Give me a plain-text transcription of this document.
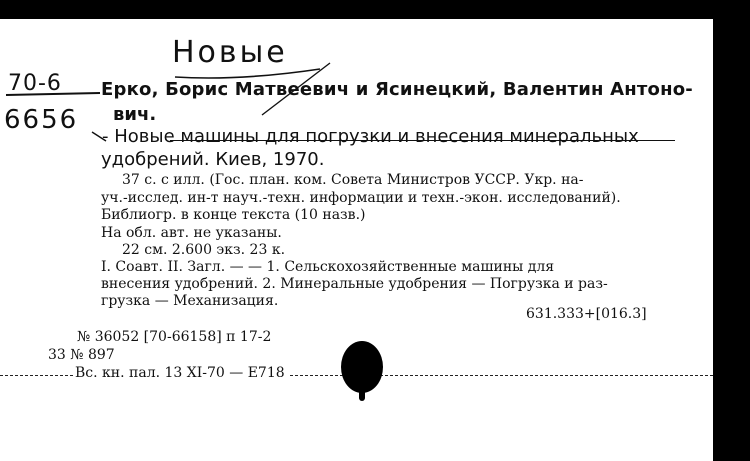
Новые
70-6
6656
Ерко, Борис Матвеевич и Ясинецкий, Валентин Антоно-
вич.
- Новые машины для погрузки и внесения минеральных
удобрений. Киев, 1970.
37 с. с илл. (Гос. план. ком. Совета Министров УССР. Укр. на-
уч.-исслед. ин-т науч.-техн. информации и техн.-экон. исследований).
Библиогр. в конце текста (10 назв.)
На обл. авт. не указаны.
22 см. 2.600 экз. 23 к.
I. Соавт. II. Загл. — — 1. Сельскохозяйственные машины для
внесения удобрений. 2. Минеральные удобрения — Погрузка и раз-
грузка — Механизация.
631.333+[016.3]
№ 36052 [70-66158] п 17-2
33 № 897
Вс. кн. пал. 13 XI-70 — E718
